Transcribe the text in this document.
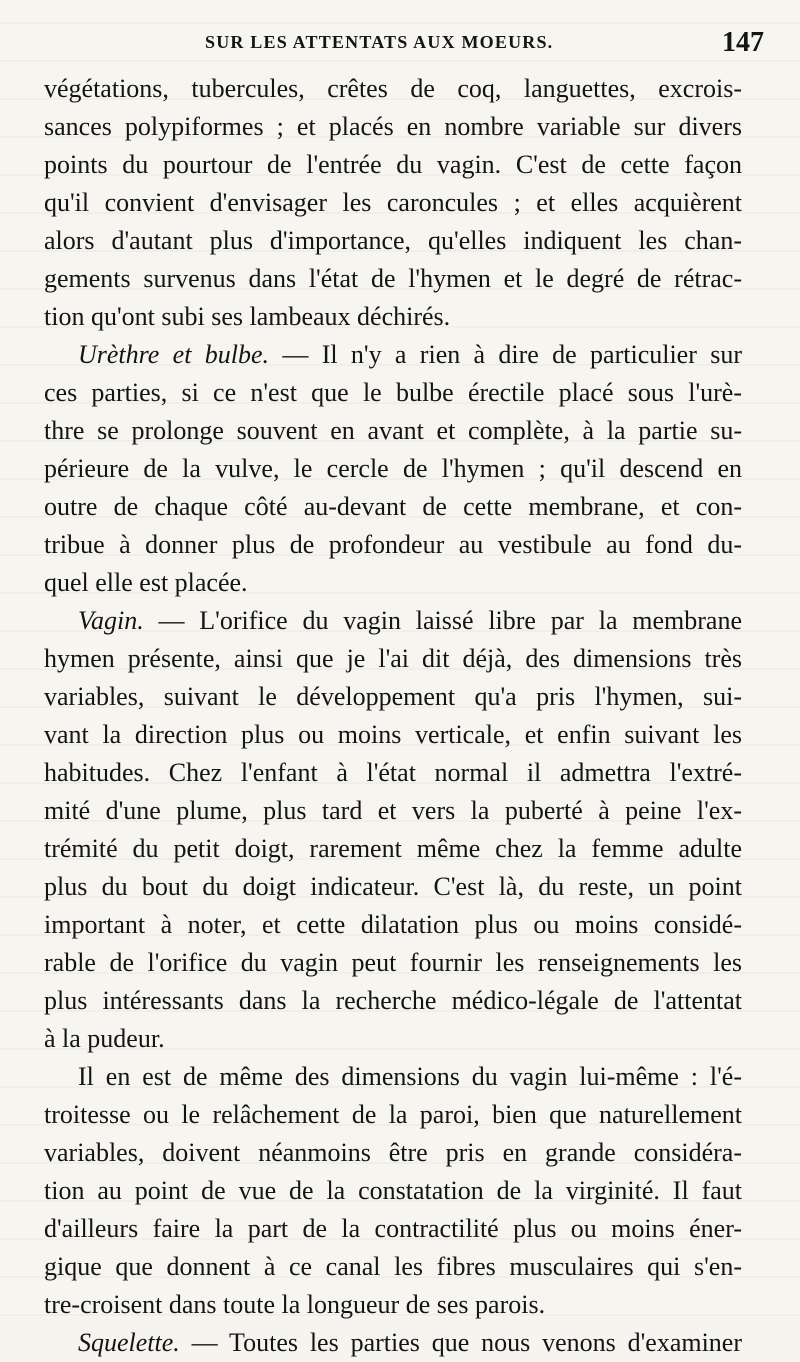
SUR LES ATTENTATS AUX MOEURS.	147
végétations, tubercules, crêtes de coq, languettes, excrois-
sances polypiformes ; et placés en nombre variable sur divers
points du pourtour de l'entrée du vagin. C'est de cette façon
qu'il convient d'envisager les caroncules ; et elles acquièrent
alors d'autant plus d'importance, qu'elles indiquent les chan-
gements survenus dans l'état de l'hymen et le degré de rétrac-
tion qu'ont subi ses lambeaux déchirés.
Urèthre et bulbe. — Il n'y a rien à dire de particulier sur
ces parties, si ce n'est que le bulbe érectile placé sous l'urè-
thre se prolonge souvent en avant et complète, à la partie su-
périeure de la vulve, le cercle de l'hymen ; qu'il descend en
outre de chaque côté au-devant de cette membrane, et con-
tribue à donner plus de profondeur au vestibule au fond du-
quel elle est placée.
Vagin. — L'orifice du vagin laissé libre par la membrane
hymen présente, ainsi que je l'ai dit déjà, des dimensions très
variables, suivant le développement qu'a pris l'hymen, sui-
vant la direction plus ou moins verticale, et enfin suivant les
habitudes. Chez l'enfant à l'état normal il admettra l'extré-
mité d'une plume, plus tard et vers la puberté à peine l'ex-
trémité du petit doigt, rarement même chez la femme adulte
plus du bout du doigt indicateur. C'est là, du reste, un point
important à noter, et cette dilatation plus ou moins considé-
rable de l'orifice du vagin peut fournir les renseignements les
plus intéressants dans la recherche médico-légale de l'attentat
à la pudeur.
Il en est de même des dimensions du vagin lui-même : l'é-
troitesse ou le relâchement de la paroi, bien que naturellement
variables, doivent néanmoins être pris en grande considéra-
tion au point de vue de la constatation de la virginité. Il faut
d'ailleurs faire la part de la contractilité plus ou moins éner-
gique que donnent à ce canal les fibres musculaires qui s'en-
tre-croisent dans toute la longueur de ses parois.
Squelette. — Toutes les parties que nous venons d'examiner
